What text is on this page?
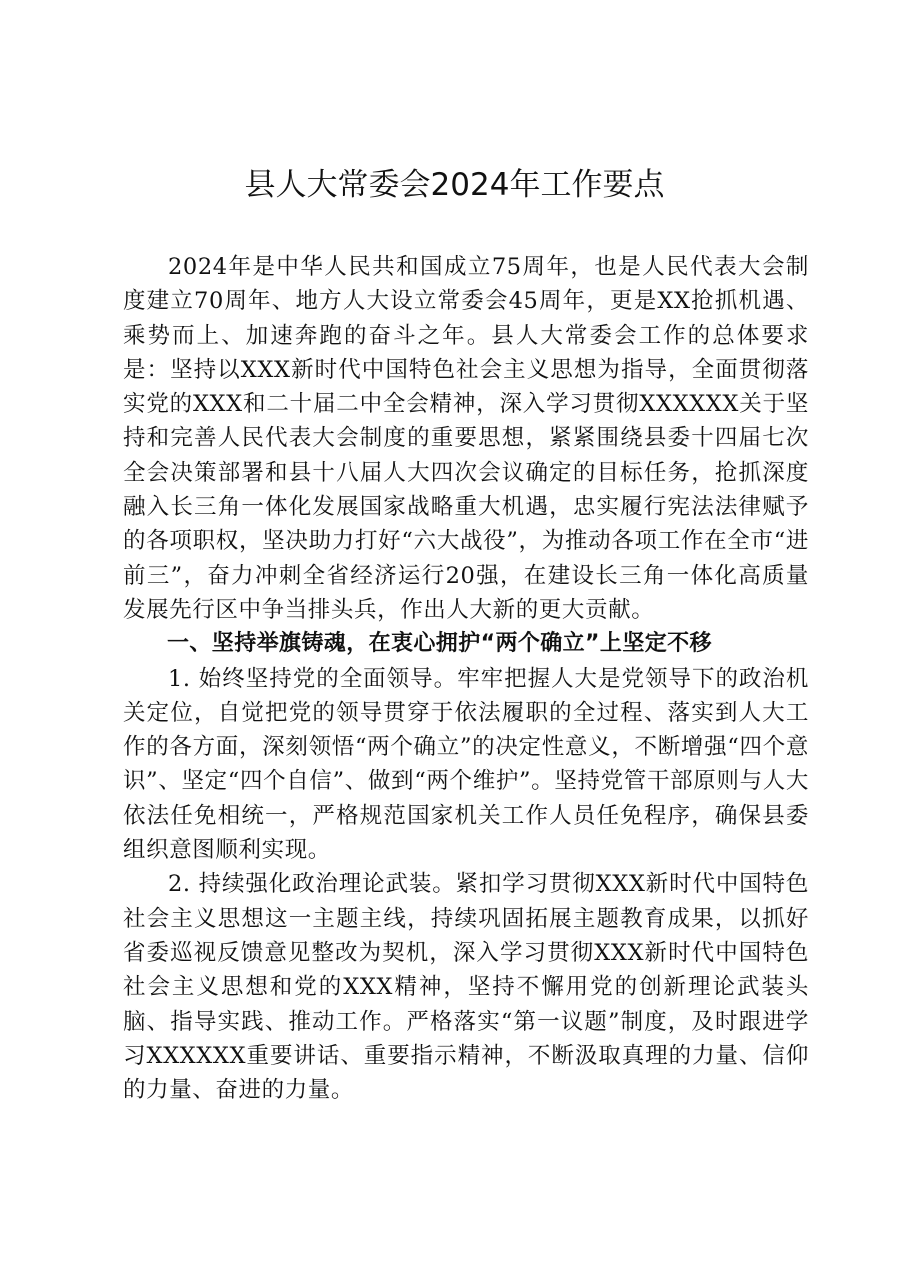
县人大常委会2024年工作要点

2024年是中华人民共和国成立75周年，也是人民代表大会制度建立70周年、地方人大设立常委会45周年，更是XX抢抓机遇、乘势而上、加速奔跑的奋斗之年。县人大常委会工作的总体要求是：坚持以XXX新时代中国特色社会主义思想为指导，全面贯彻落实党的XXX和二十届二中全会精神，深入学习贯彻XXXXXX关于坚持和完善人民代表大会制度的重要思想，紧紧围绕县委十四届七次全会决策部署和县十八届人大四次会议确定的目标任务，抢抓深度融入长三角一体化发展国家战略重大机遇，忠实履行宪法法律赋予的各项职权，坚决助力打好“六大战役”，为推动各项工作在全市“进前三”，奋力冲刺全省经济运行20强，在建设长三角一体化高质量发展先行区中争当排头兵，作出人大新的更大贡献。

一、坚持举旗铸魂，在衷心拥护“两个确立”上坚定不移

1. 始终坚持党的全面领导。牢牢把握人大是党领导下的政治机关定位，自觉把党的领导贯穿于依法履职的全过程、落实到人大工作的各方面，深刻领悟“两个确立”的决定性意义，不断增强“四个意识”、坚定“四个自信”、做到“两个维护”。坚持党管干部原则与人大依法任免相统一，严格规范国家机关工作人员任免程序，确保县委组织意图顺利实现。

2. 持续强化政治理论武装。紧扣学习贯彻XXX新时代中国特色社会主义思想这一主题主线，持续巩固拓展主题教育成果，以抓好省委巡视反馈意见整改为契机，深入学习贯彻XXX新时代中国特色社会主义思想和党的XXX精神，坚持不懈用党的创新理论武装头脑、指导实践、推动工作。严格落实“第一议题”制度，及时跟进学习XXXXXX重要讲话、重要指示精神，不断汲取真理的力量、信仰的力量、奋进的力量。
